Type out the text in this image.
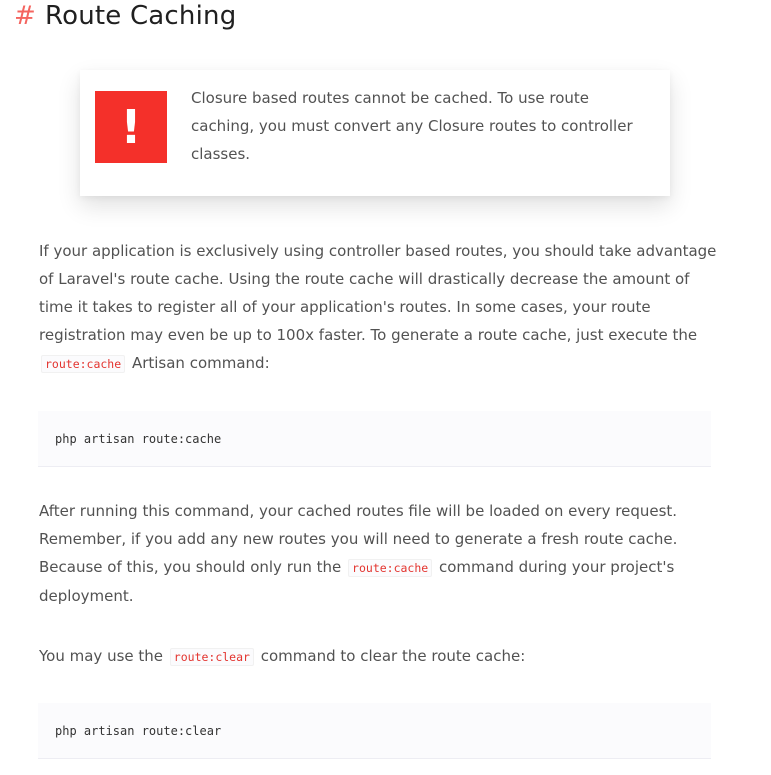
# Route Caching
!
Closure based routes cannot be cached. To use route caching, you must convert any Closure routes to controller classes.
If your application is exclusively using controller based routes, you should take advantage of Laravel's route cache. Using the route cache will drastically decrease the amount of time it takes to register all of your application's routes. In some cases, your route registration may even be up to 100x faster. To generate a route cache, just execute the route:cache Artisan command:
php artisan route:cache
After running this command, your cached routes file will be loaded on every request. Remember, if you add any new routes you will need to generate a fresh route cache. Because of this, you should only run the route:cache command during your project's deployment.
You may use the route:clear command to clear the route cache:
php artisan route:clear
